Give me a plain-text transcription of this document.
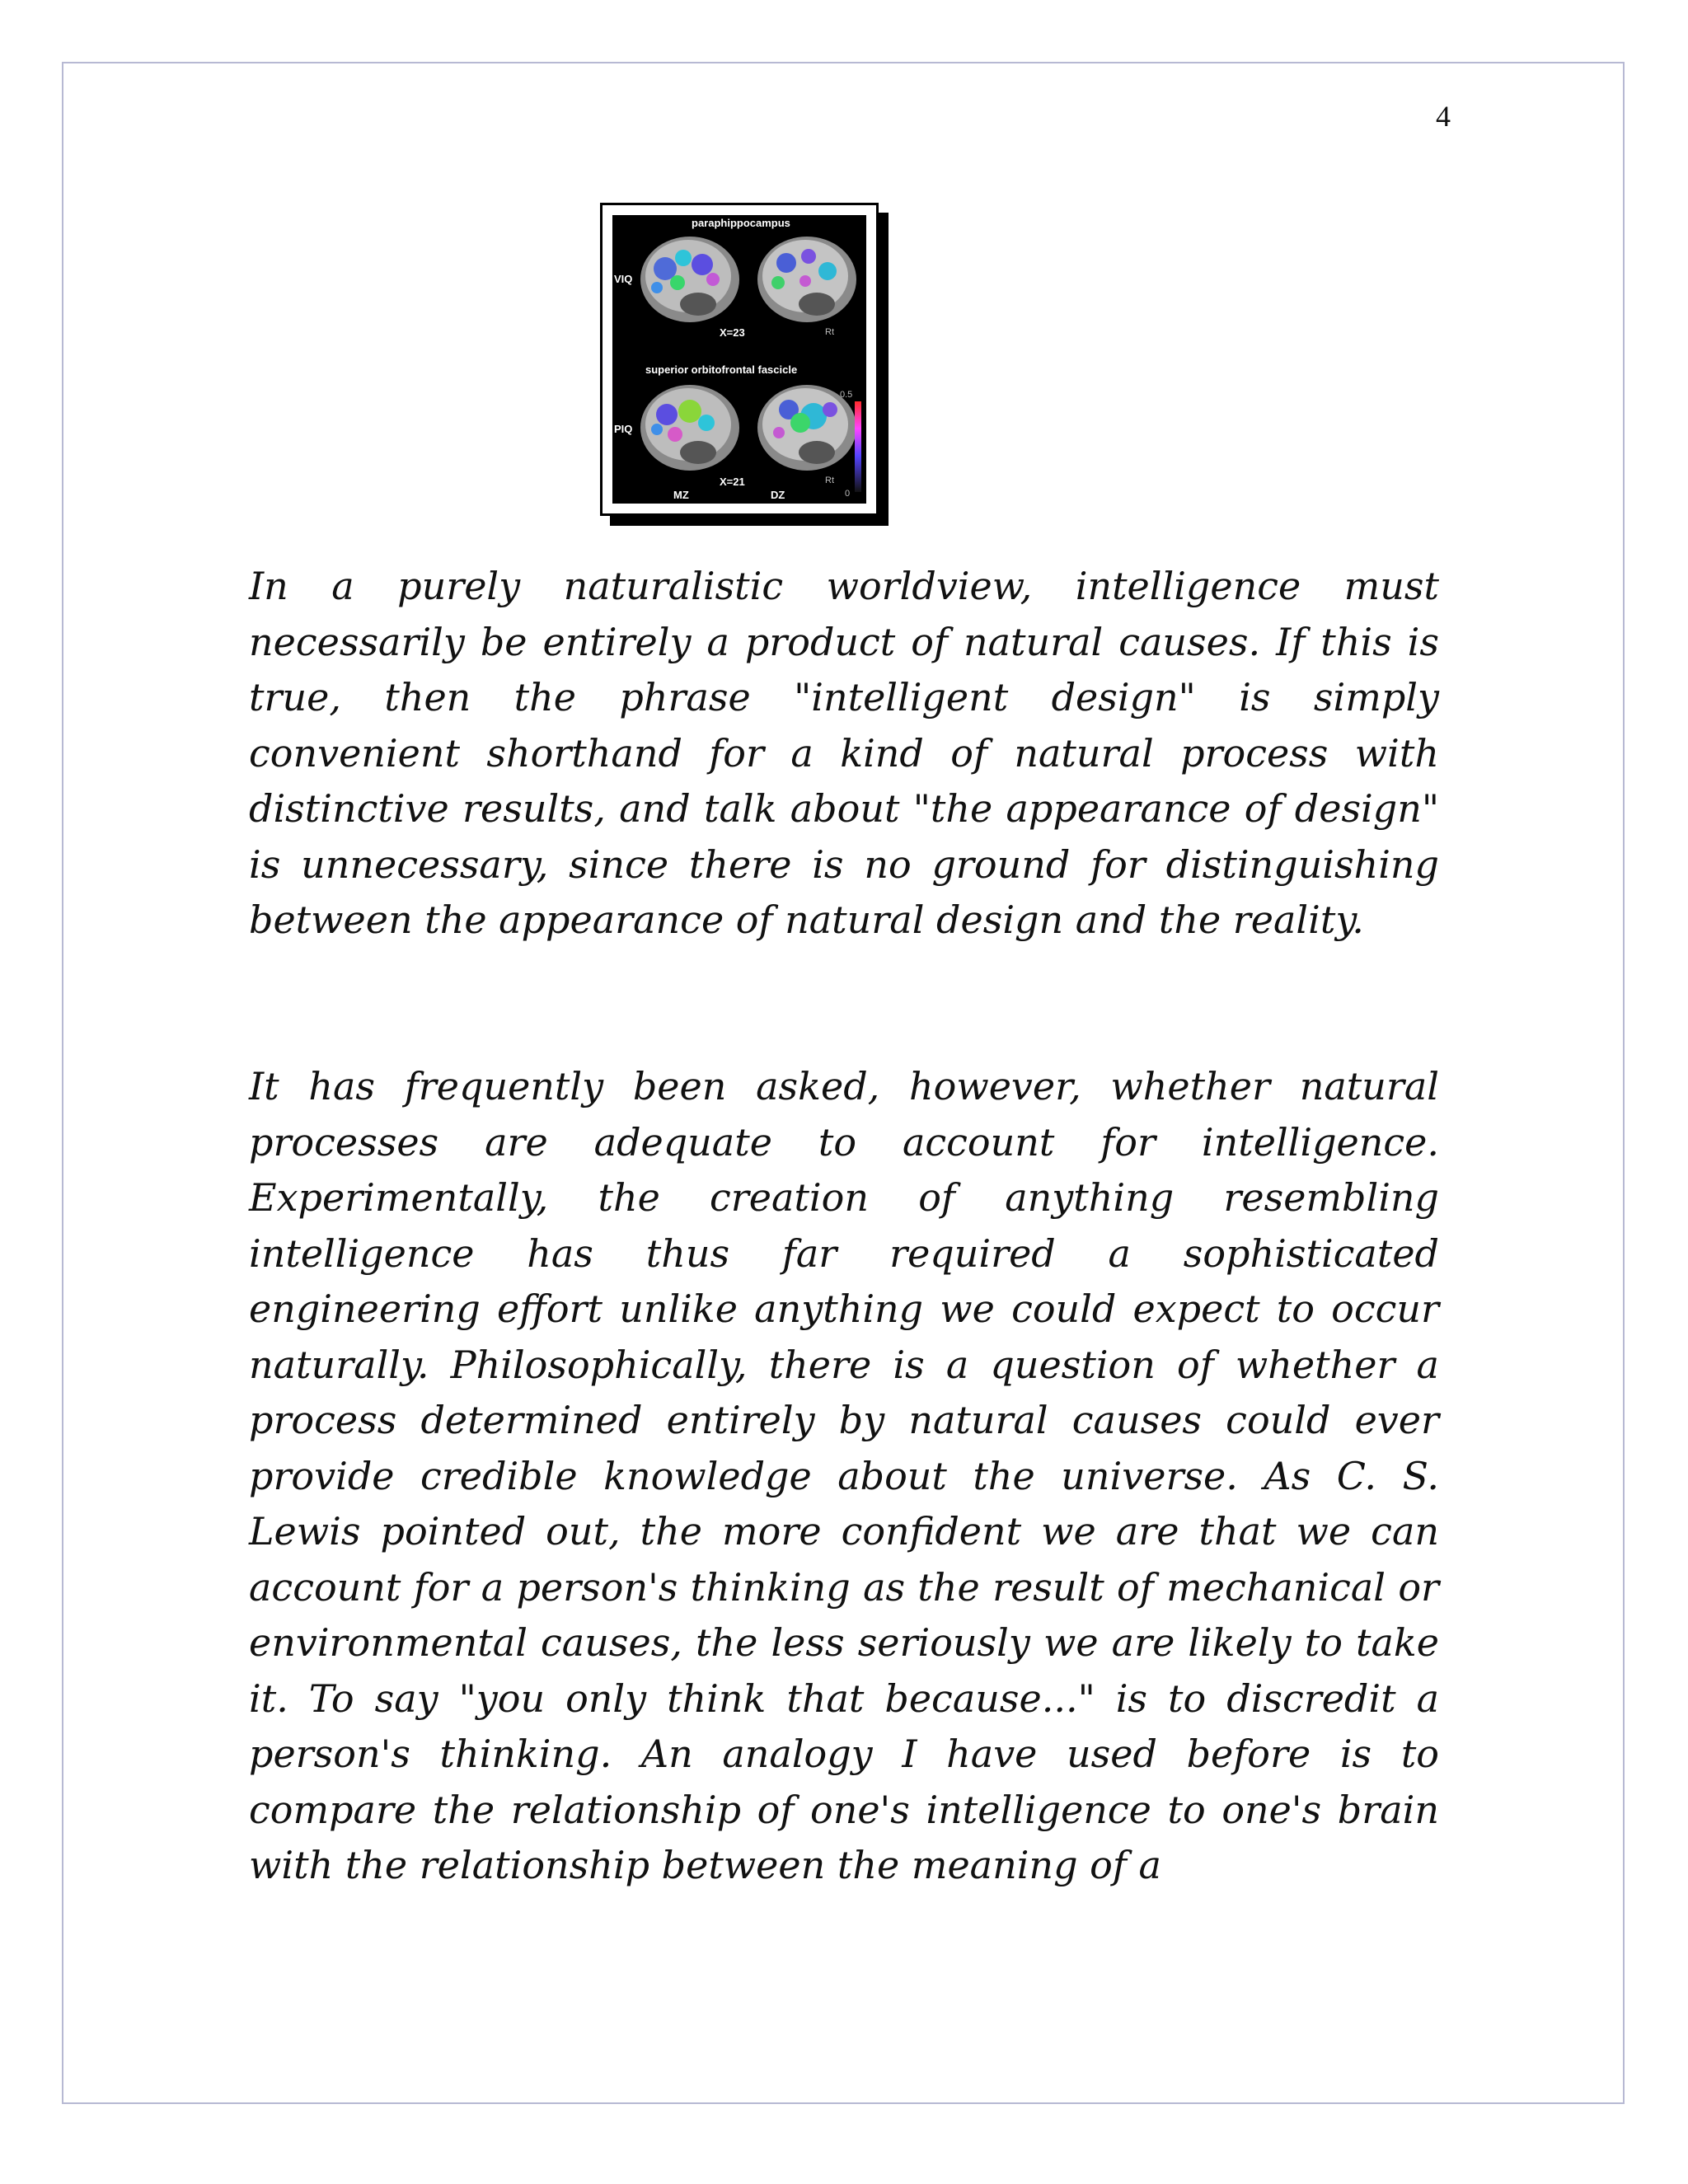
4
paraphippocampus
VIQ
X=23	Rt
superior orbitofrontal fascicle
PIQ
X=21	Rt
0.5
0
MZ	DZ

In a purely naturalistic worldview, intelligence must necessarily be entirely a product of natural causes. If this is true, then the phrase "intelligent design" is simply convenient shorthand for a kind of natural process with distinctive results, and talk about "the appearance of design" is unnecessary, since there is no ground for distinguishing between the appearance of natural design and the reality.

It has frequently been asked, however, whether natural processes are adequate to account for intelligence. Experimentally, the creation of anything resembling intelligence has thus far required a sophisticated engineering effort unlike anything we could expect to occur naturally. Philosophically, there is a question of whether a process determined entirely by natural causes could ever provide credible knowledge about the universe. As C. S. Lewis pointed out, the more confident we are that we can account for a person's thinking as the result of mechanical or environmental causes, the less seriously we are likely to take it. To say "you only think that because..." is to discredit a person's thinking. An analogy I have used before is to compare the relationship of one's intelligence to one's brain with the relationship between the meaning of a
